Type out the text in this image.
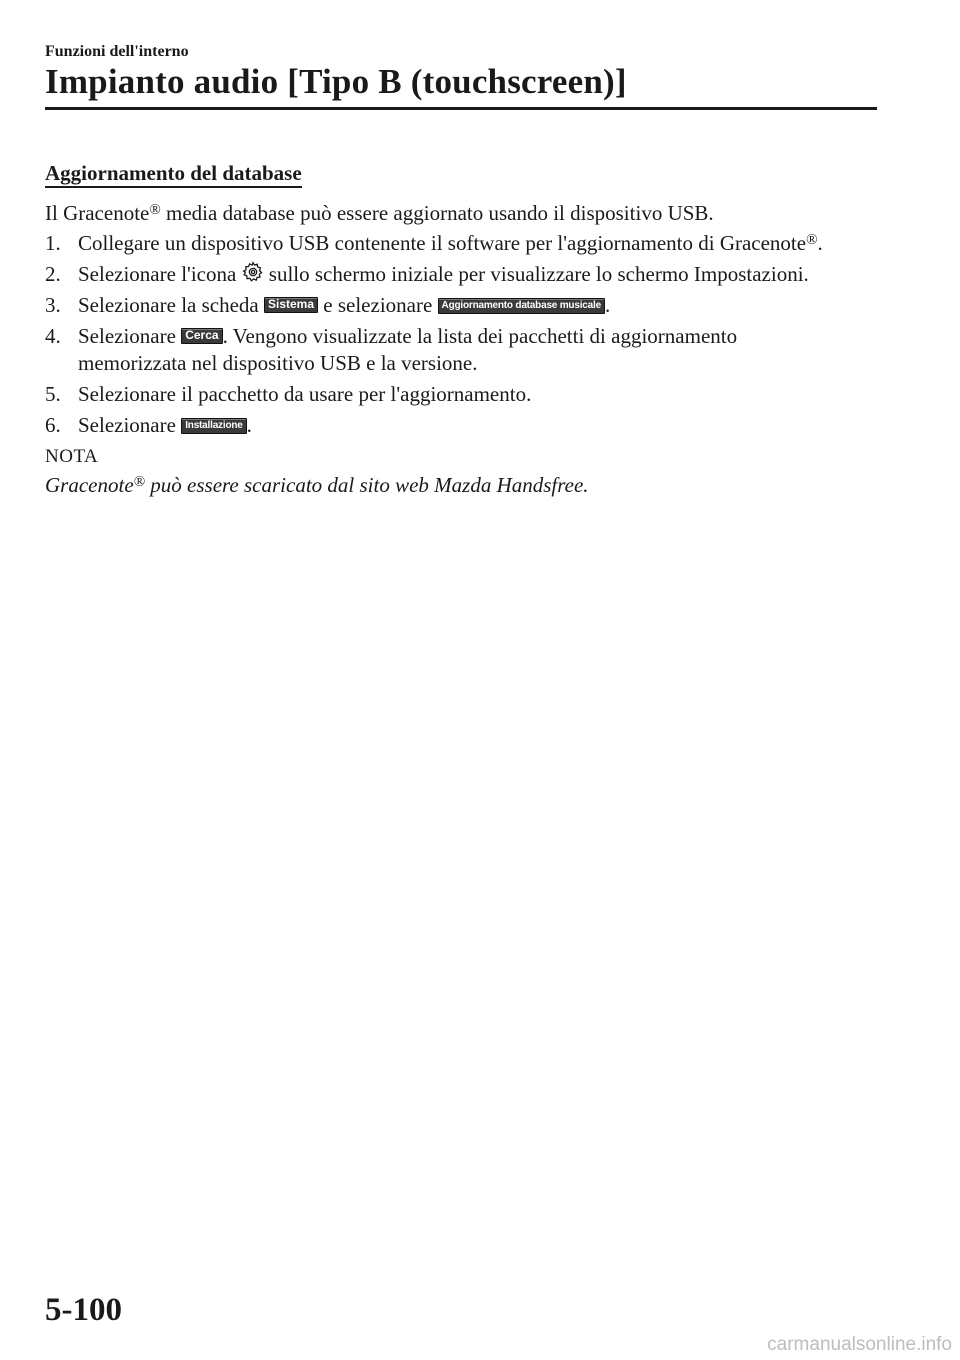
Funzioni dell'interno
Impianto audio [Tipo B (touchscreen)]
Aggiornamento del database
Il Gracenote® media database può essere aggiornato usando il dispositivo USB.
1. Collegare un dispositivo USB contenente il software per l'aggiornamento di Gracenote®.
2. Selezionare l'icona  sullo schermo iniziale per visualizzare lo schermo Impostazioni.
3. Selezionare la scheda Sistema e selezionare Aggiornamento database musicale .
4. Selezionare Cerca . Vengono visualizzate la lista dei pacchetti di aggiornamento
memorizzata nel dispositivo USB e la versione.
5. Selezionare il pacchetto da usare per l'aggiornamento.
6. Selezionare Installazione .
NOTA
Gracenote® può essere scaricato dal sito web Mazda Handsfree.
5-100
carmanualsonline.info
